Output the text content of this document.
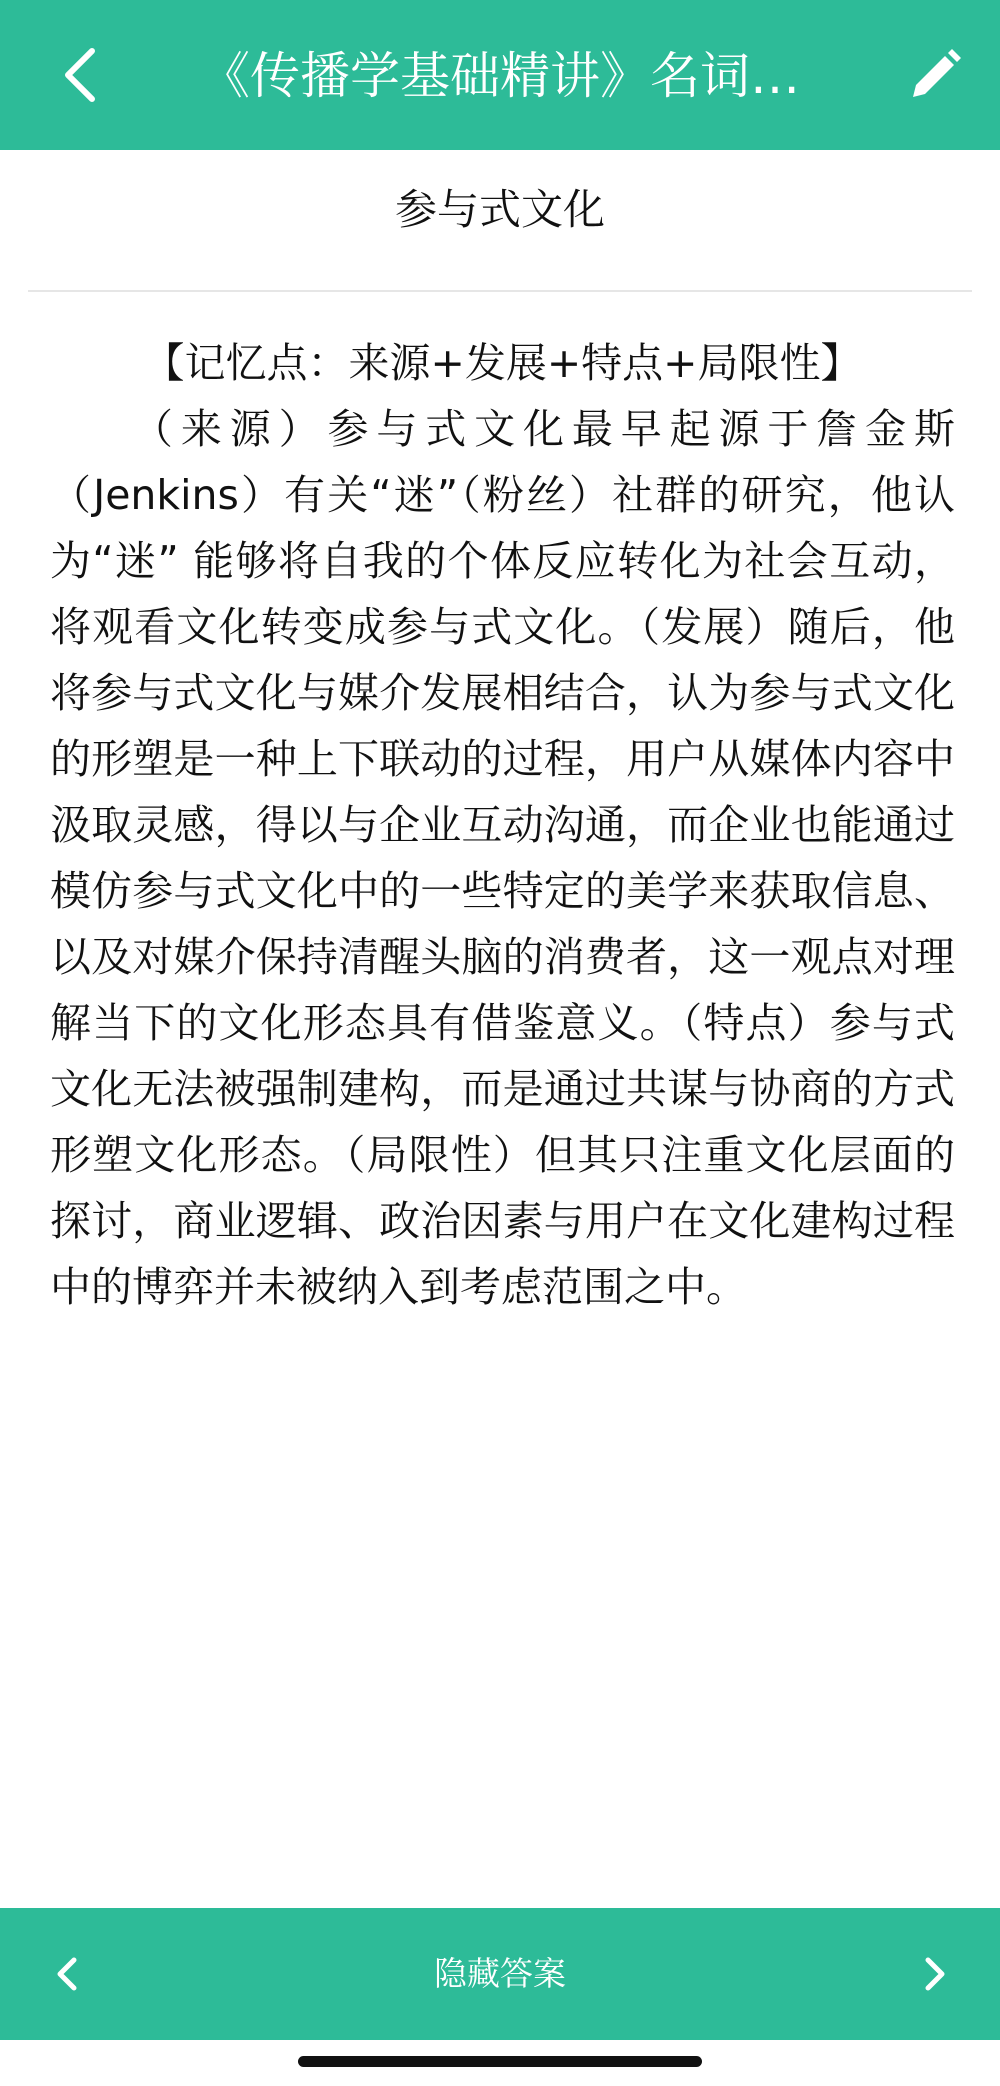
《传播学基础精讲》名词…
参与式文化

【记忆点：来源+发展+特点+局限性】

（来源）参与式文化最早起源于詹金斯（Jenkins）有关“迷”（粉丝）社群的研究，他认为“迷” 能够将自我的个体反应转化为社会互动，将观看文化转变成参与式文化。（发展）随后，他将参与式文化与媒介发展相结合，认为参与式文化的形塑是一种上下联动的过程，用户从媒体内容中汲取灵感，得以与企业互动沟通，而企业也能通过模仿参与式文化中的一些特定的美学来获取信息、以及对媒介保持清醒头脑的消费者，这一观点对理解当下的文化形态具有借鉴意义。（特点）参与式文化无法被强制建构，而是通过共谋与协商的方式形塑文化形态。（局限性）但其只注重文化层面的探讨，商业逻辑、政治因素与用户在文化建构过程中的博弈并未被纳入到考虑范围之中。

隐藏答案
